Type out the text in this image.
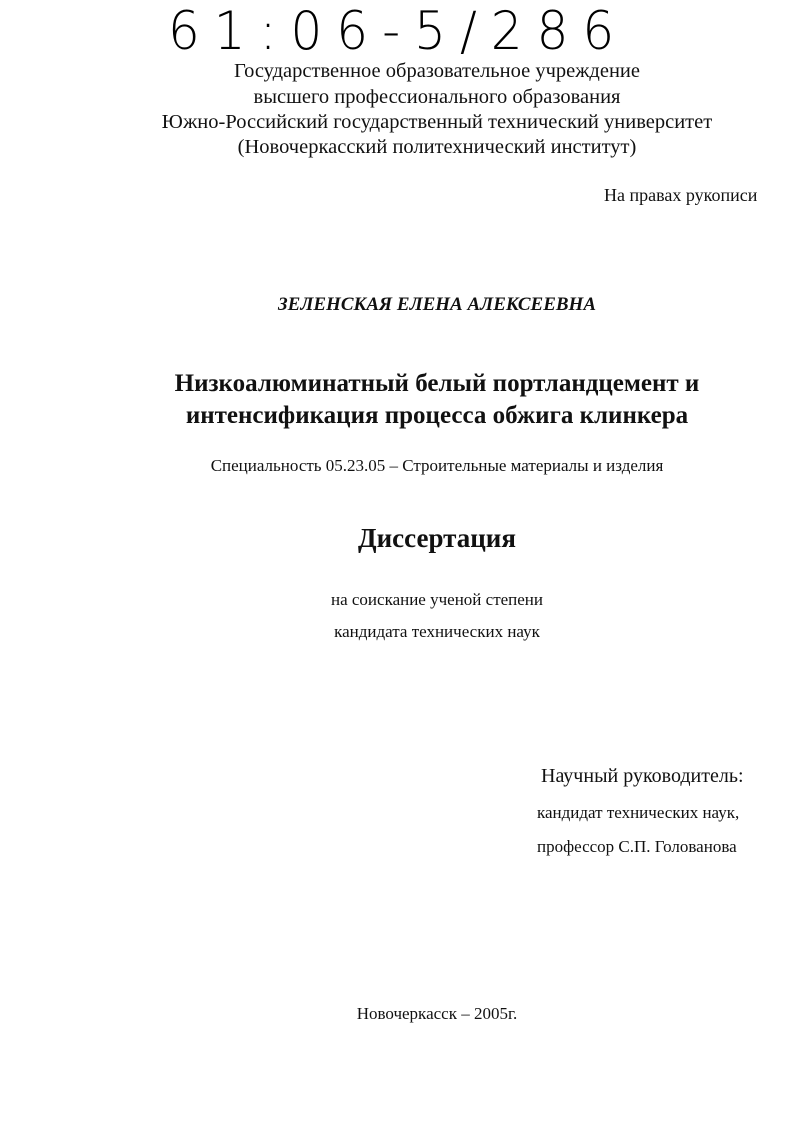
61:06-5/286
Государственное образовательное учреждение
высшего профессионального образования
Южно-Российский государственный технический университет
(Новочеркасский политехнический институт)
На правах рукописи
ЗЕЛЕНСКАЯ ЕЛЕНА АЛЕКСЕЕВНА
Низкоалюминатный белый портландцемент и
интенсификация процесса обжига клинкера
Специальность 05.23.05 – Строительные материалы и изделия
Диссертация
на соискание ученой степени
кандидата технических наук
Научный руководитель:
кандидат технических наук,
профессор С.П. Голованова
Новочеркасск – 2005г.
